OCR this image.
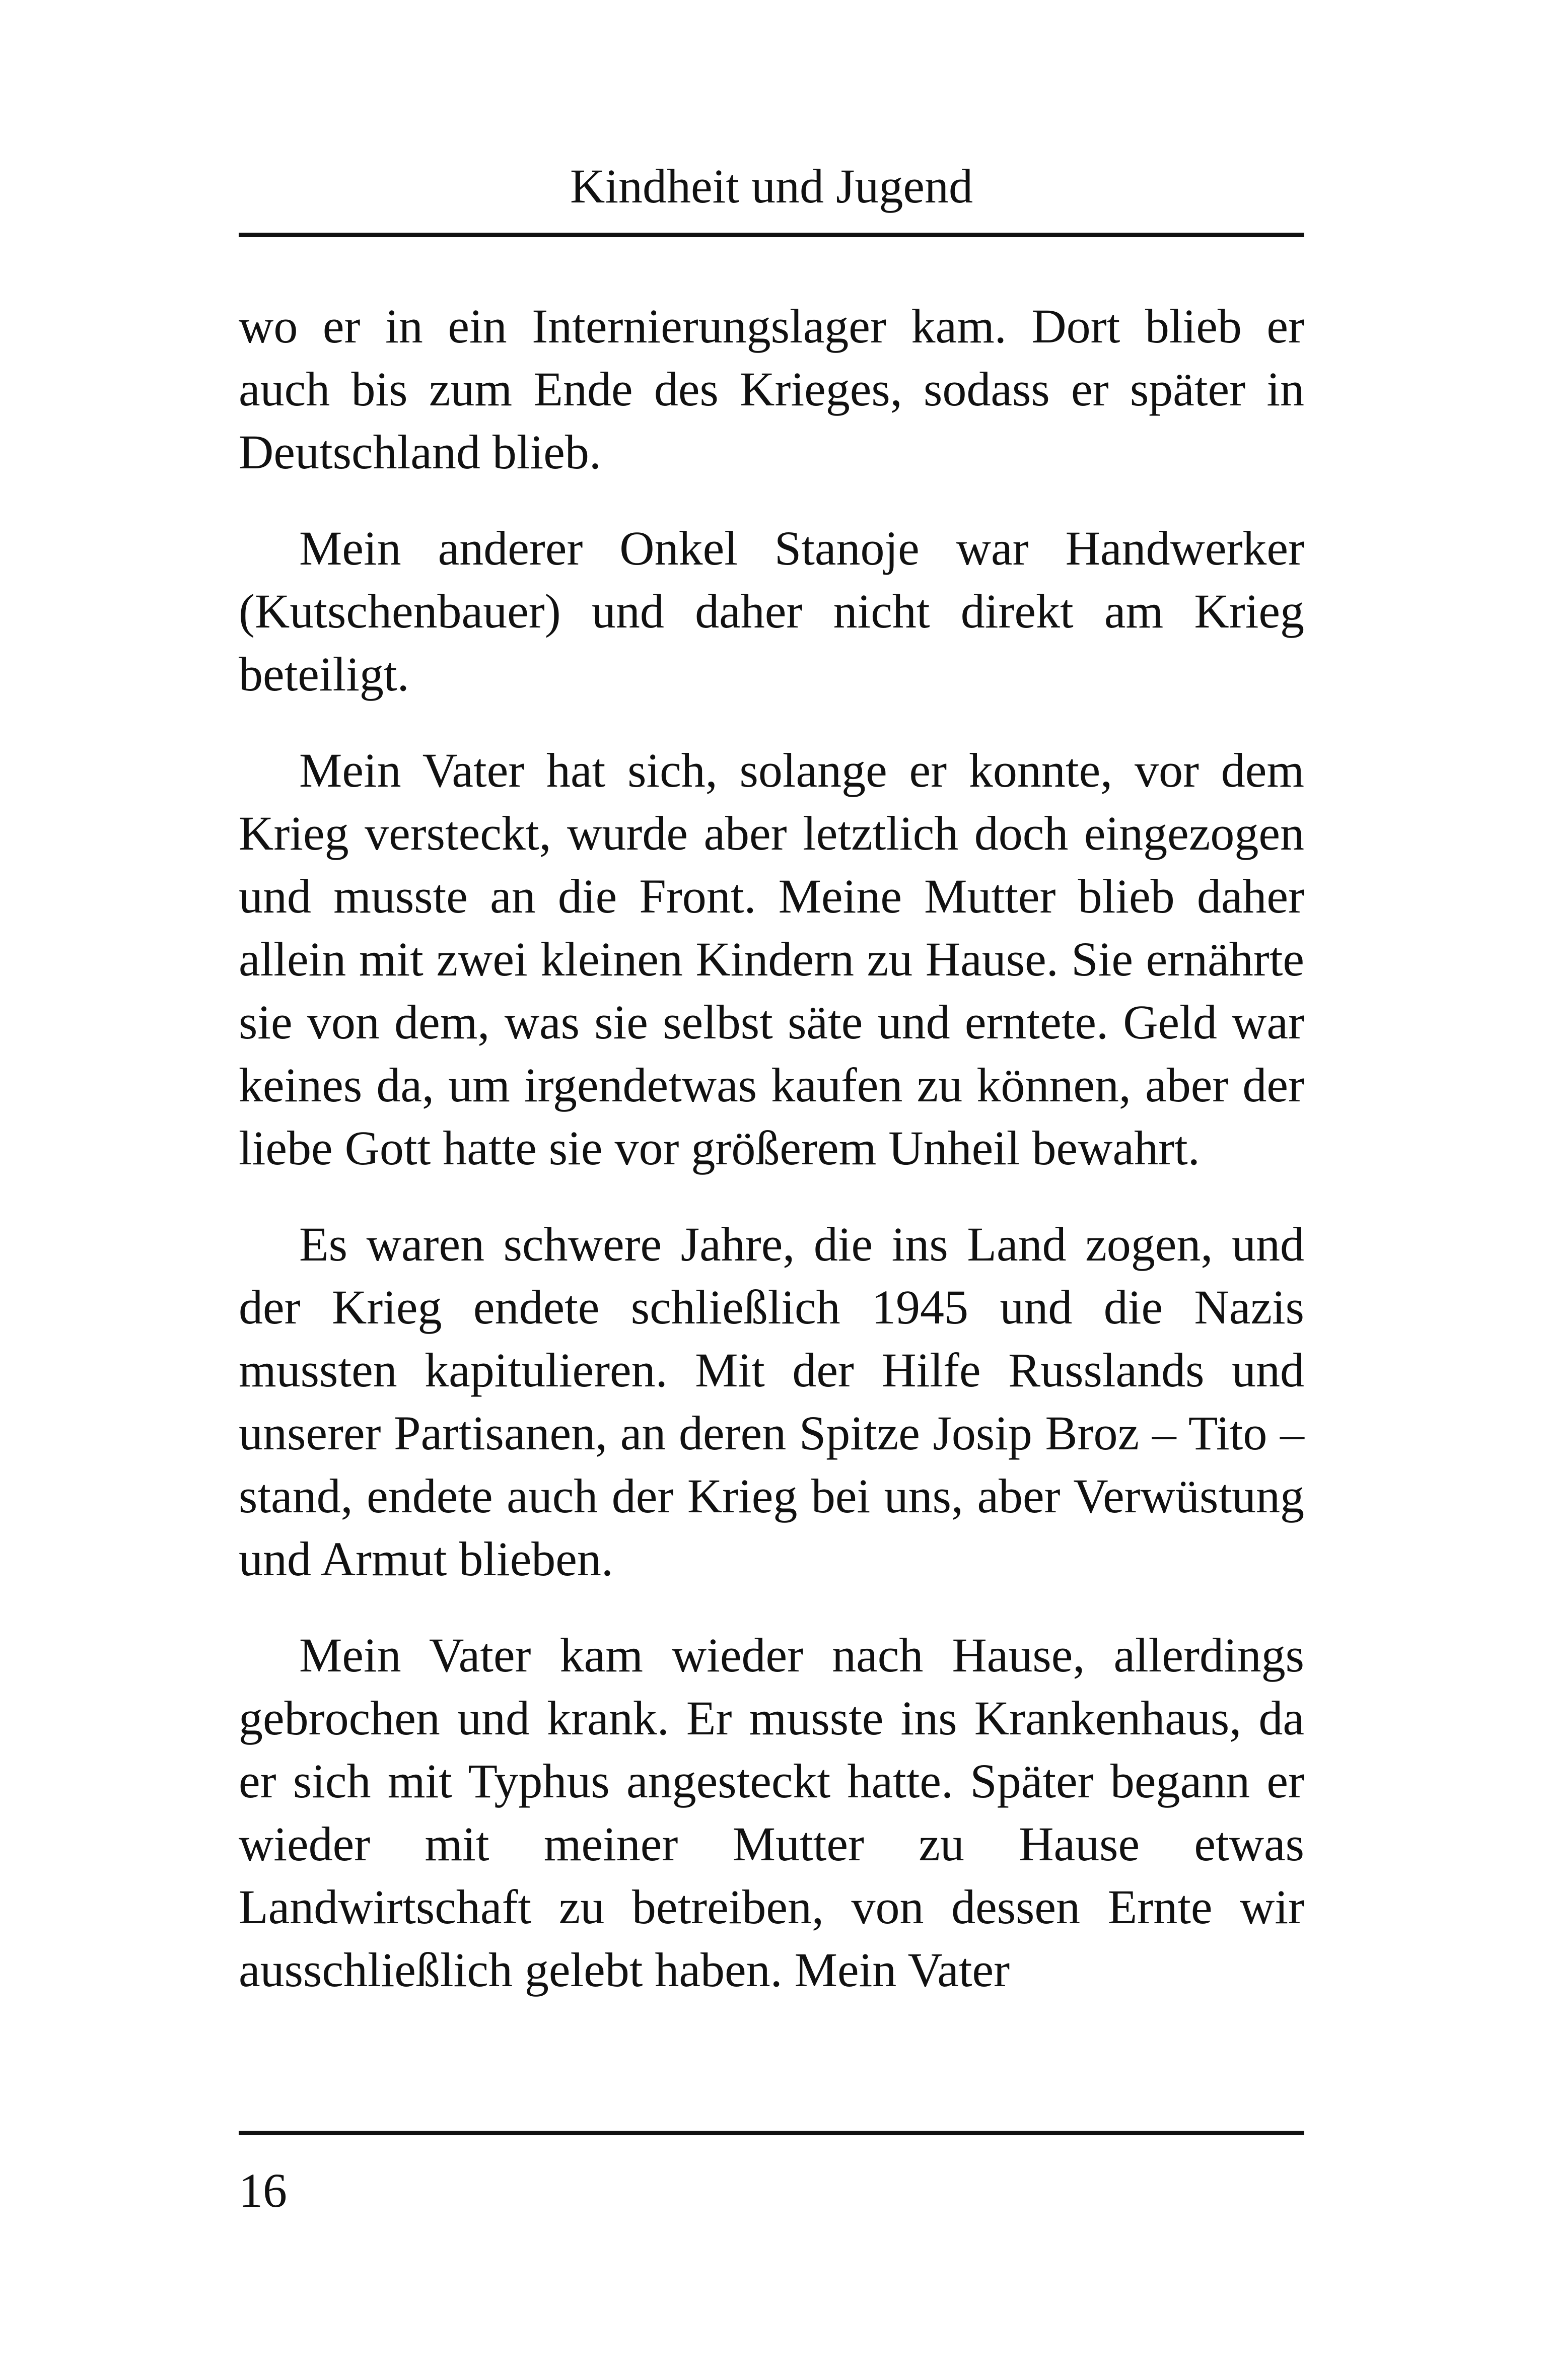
Kindheit und Jugend

wo er in ein Internierungslager kam. Dort blieb er auch bis zum Ende des Krieges, sodass er später in Deutschland blieb.

Mein anderer Onkel Stanoje war Handwerker (Kutschenbauer) und daher nicht direkt am Krieg beteiligt.

Mein Vater hat sich, solange er konnte, vor dem Krieg versteckt, wurde aber letztlich doch eingezogen und musste an die Front. Meine Mutter blieb daher allein mit zwei kleinen Kindern zu Hause. Sie ernährte sie von dem, was sie selbst säte und erntete. Geld war keines da, um irgendetwas kaufen zu können, aber der liebe Gott hatte sie vor größerem Unheil bewahrt.

Es waren schwere Jahre, die ins Land zogen, und der Krieg endete schließlich 1945 und die Nazis mussten kapitulieren. Mit der Hilfe Russlands und unserer Partisanen, an deren Spitze Josip Broz – Tito – stand, endete auch der Krieg bei uns, aber Verwüstung und Armut blieben.

Mein Vater kam wieder nach Hause, allerdings gebrochen und krank. Er musste ins Krankenhaus, da er sich mit Typhus angesteckt hatte. Später begann er wieder mit meiner Mutter zu Hause etwas Landwirtschaft zu betreiben, von dessen Ernte wir ausschließlich gelebt haben. Mein Vater

16
